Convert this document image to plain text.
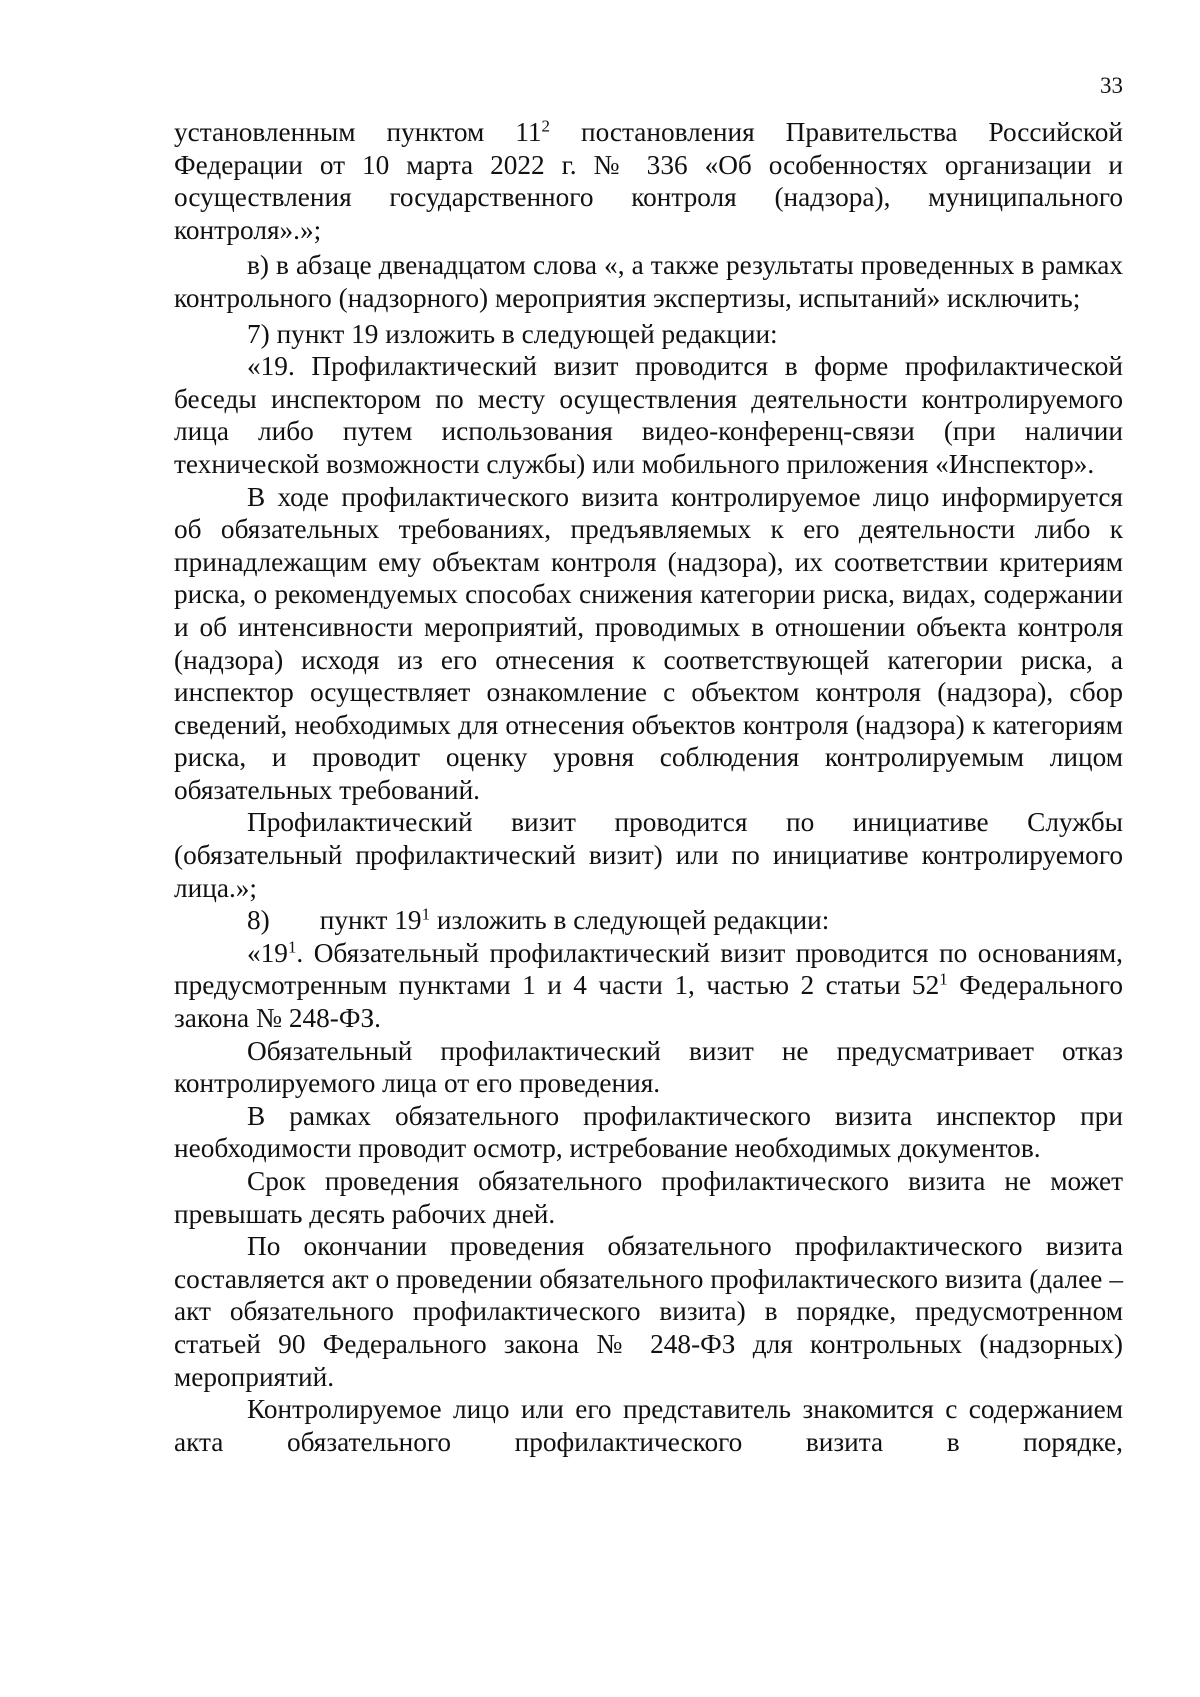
33

установленным пунктом $11^2$ постановления Правительства Российской Федерации от 10 марта 2022 г. № 336 «Об особенностях организации и осуществления государственного контроля (надзора), муниципального контроля».»;

в) в абзаце двенадцатом слова «, а также результаты проведенных в рамках контрольного (надзорного) мероприятия экспертизы, испытаний» исключить;

7) пункт 19 изложить в следующей редакции:

«19. Профилактический визит проводится в форме профилактической беседы инспектором по месту осуществления деятельности контролируемого лица либо путем использования видео-конференц-связи (при наличии технической возможности службы) или мобильного приложения «Инспектор».

В ходе профилактического визита контролируемое лицо информируется об обязательных требованиях, предъявляемых к его деятельности либо к принадлежащим ему объектам контроля (надзора), их соответствии критериям риска, о рекомендуемых способах снижения категории риска, видах, содержании и об интенсивности мероприятий, проводимых в отношении объекта контроля (надзора) исходя из его отнесения к соответствующей категории риска, а инспектор осуществляет ознакомление с объектом контроля (надзора), сбор сведений, необходимых для отнесения объектов контроля (надзора) к категориям риска, и проводит оценку уровня соблюдения контролируемым лицом обязательных требований.

Профилактический визит проводится по инициативе Службы (обязательный профилактический визит) или по инициативе контролируемого лица.»;

8) пункт $19^1$ изложить в следующей редакции:

«$19^1$. Обязательный профилактический визит проводится по основаниям, предусмотренным пунктами 1 и 4 части 1, частью 2 статьи $52^1$ Федерального закона № 248-ФЗ.

Обязательный профилактический визит не предусматривает отказ контролируемого лица от его проведения.

В рамках обязательного профилактического визита инспектор при необходимости проводит осмотр, истребование необходимых документов.

Срок проведения обязательного профилактического визита не может превышать десять рабочих дней.

По окончании проведения обязательного профилактического визита составляется акт о проведении обязательного профилактического визита (далее – акт обязательного профилактического визита) в порядке, предусмотренном статьей 90 Федерального закона № 248-ФЗ для контрольных (надзорных) мероприятий.

Контролируемое лицо или его представитель знакомится с содержанием акта обязательного профилактического визита в порядке,
